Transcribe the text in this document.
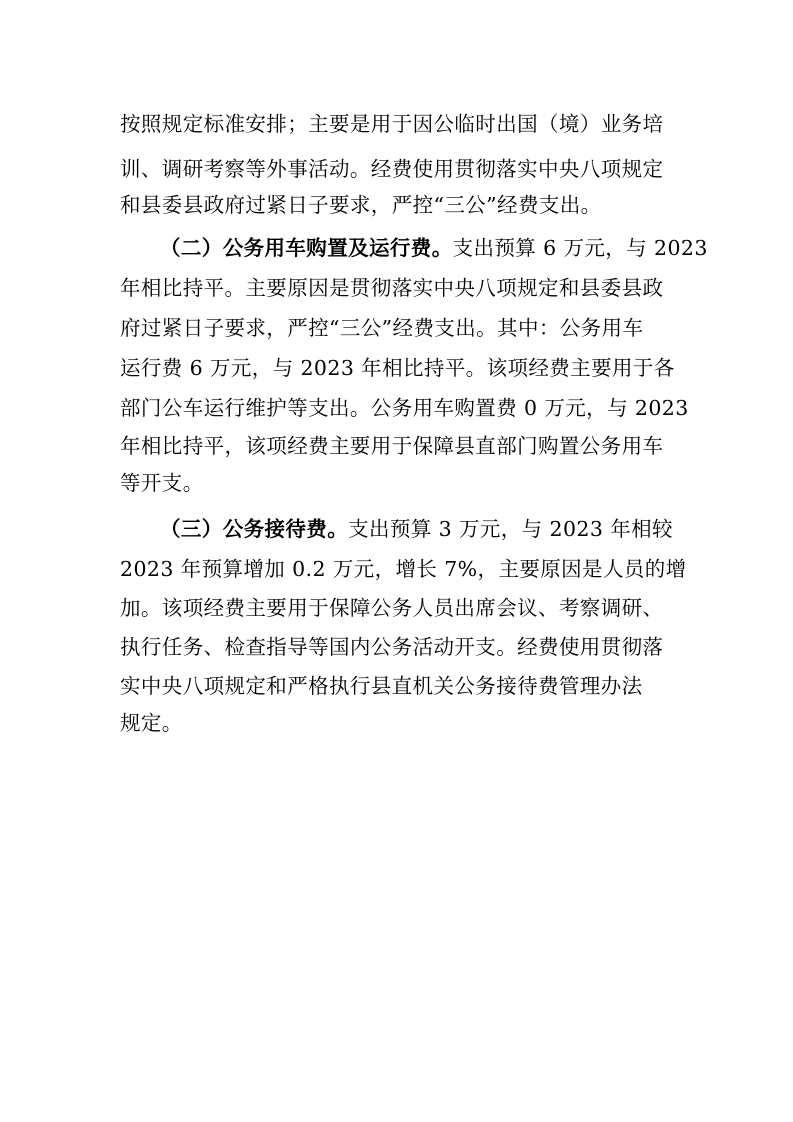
按照规定标准安排；主要是用于因公临时出国（境）业务培
训、调研考察等外事活动。经费使用贯彻落实中央八项规定
和县委县政府过紧日子要求，严控“三公”经费支出。
（二）公务用车购置及运行费。支出预算 6 万元，与 2023
年相比持平。主要原因是贯彻落实中央八项规定和县委县政
府过紧日子要求，严控“三公”经费支出。其中：公务用车
运行费 6 万元，与 2023 年相比持平。该项经费主要用于各
部门公车运行维护等支出。公务用车购置费 0 万元，与 2023
年相比持平，该项经费主要用于保障县直部门购置公务用车
等开支。
（三）公务接待费。支出预算 3 万元，与 2023 年相较
2023 年预算增加 0.2 万元，增长 7%，主要原因是人员的增
加。该项经费主要用于保障公务人员出席会议、考察调研、
执行任务、检查指导等国内公务活动开支。经费使用贯彻落
实中央八项规定和严格执行县直机关公务接待费管理办法
规定。
